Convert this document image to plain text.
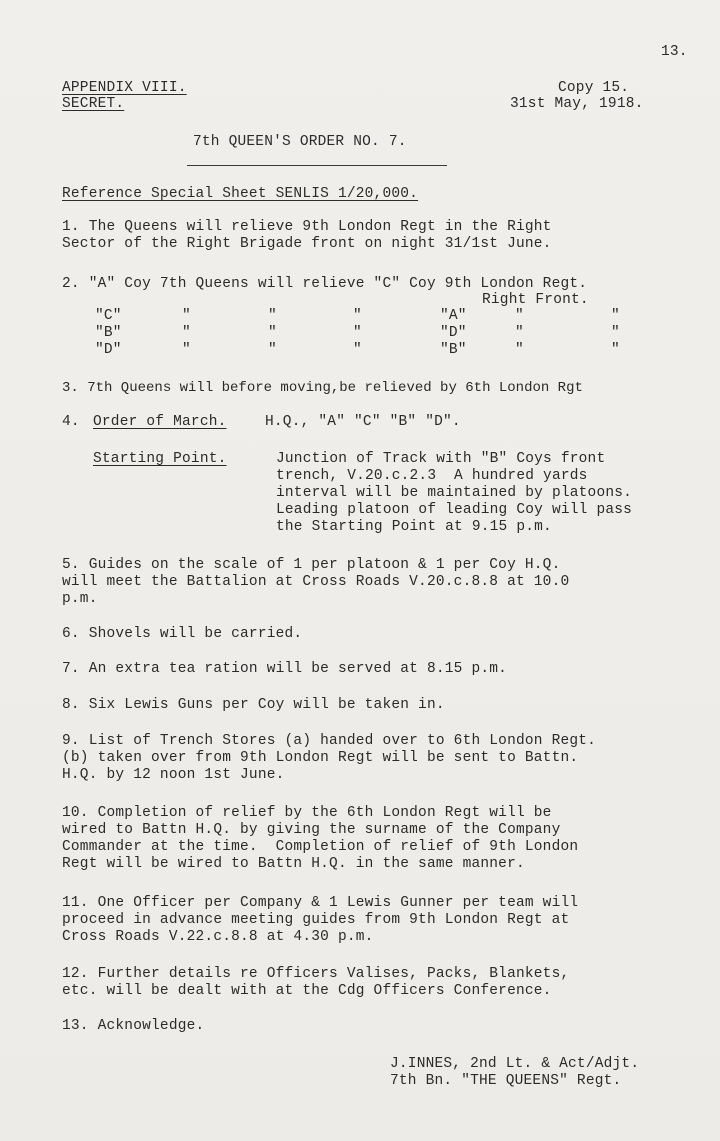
13.
APPENDIX VIII.
SECRET.
Copy 15.
31st May, 1918.
7th QUEEN'S ORDER NO. 7.
Reference Special Sheet SENLIS 1/20,000.
1. The Queens will relieve 9th London Regt in the Right
Sector of the Right Brigade front on night 31/1st June.
2. "A" Coy 7th Queens will relieve "C" Coy 9th London Regt.
Right Front.
"C"	"	"	"	"A"	"	"
"B"	"	"	"	"D"	"	"
"D"	"	"	"	"B"	"	"
3. 7th Queens will before moving,be relieved by 6th London Rgt
4. Order of March.	H.Q., "A" "C" "B" "D".
Starting Point.	Junction of Track with "B" Coys front
trench, V.20.c.2.3  A hundred yards
interval will be maintained by platoons.
Leading platoon of leading Coy will pass
the Starting Point at 9.15 p.m.
5. Guides on the scale of 1 per platoon & 1 per Coy H.Q.
will meet the Battalion at Cross Roads V.20.c.8.8 at 10.0
p.m.
6. Shovels will be carried.
7. An extra tea ration will be served at 8.15 p.m.
8. Six Lewis Guns per Coy will be taken in.
9. List of Trench Stores (a) handed over to 6th London Regt.
(b) taken over from 9th London Regt will be sent to Battn.
H.Q. by 12 noon 1st June.
10. Completion of relief by the 6th London Regt will be
wired to Battn H.Q. by giving the surname of the Company
Commander at the time.  Completion of relief of 9th London
Regt will be wired to Battn H.Q. in the same manner.
11. One Officer per Company & 1 Lewis Gunner per team will
proceed in advance meeting guides from 9th London Regt at
Cross Roads V.22.c.8.8 at 4.30 p.m.
12. Further details re Officers Valises, Packs, Blankets,
etc. will be dealt with at the Cdg Officers Conference.
13. Acknowledge.
J.INNES, 2nd Lt. & Act/Adjt.
7th Bn. "THE QUEENS" Regt.
